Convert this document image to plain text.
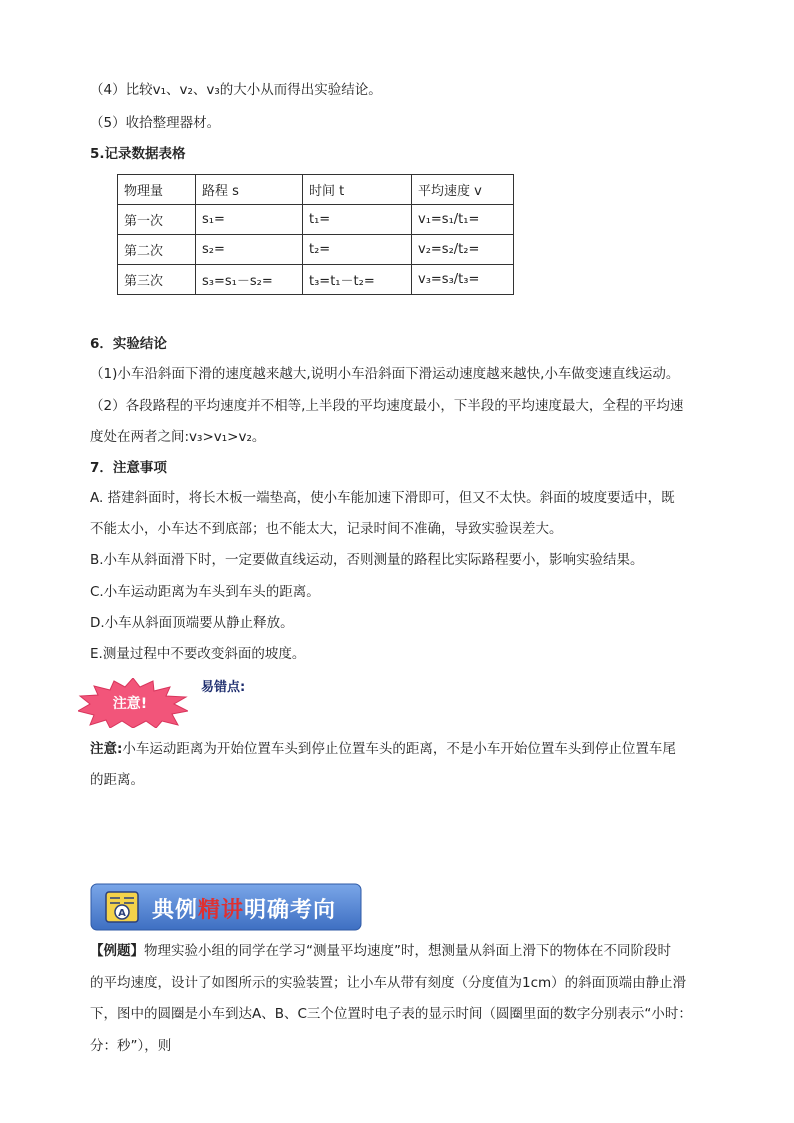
（4）比较v₁、v₂、v₃的大小从而得出实验结论。
（5）收拾整理器材。
5.记录数据表格
物理量	路程 s	时间 t	平均速度 v
第一次	s₁=	t₁=	v₁=s₁/t₁=
第二次	s₂=	t₂=	v₂=s₂/t₂=
第三次	s₃=s₁－s₂=	t₃=t₁－t₂=	v₃=s₃/t₃=
6．实验结论
（1)小车沿斜面下滑的速度越来越大,说明小车沿斜面下滑运动速度越来越快,小车做变速直线运动。
（2）各段路程的平均速度并不相等,上半段的平均速度最小，下半段的平均速度最大，全程的平均速
度处在两者之间:v₃>v₁>v₂。
7．注意事项
A. 搭建斜面时，将长木板一端垫高，使小车能加速下滑即可，但又不太快。斜面的坡度要适中，既
不能太小，小车达不到底部；也不能太大，记录时间不准确，导致实验误差大。
B.小车从斜面滑下时，一定要做直线运动，否则测量的路程比实际路程要小，影响实验结果。
C.小车运动距离为车头到车头的距离。
D.小车从斜面顶端要从静止释放。
E.测量过程中不要改变斜面的坡度。
注意!
易错点:
注意:小车运动距离为开始位置车头到停止位置车头的距离，不是小车开始位置车头到停止位置车尾
的距离。
A 典例精讲明确考向
【例题】物理实验小组的同学在学习“测量平均速度”时，想测量从斜面上滑下的物体在不同阶段时
的平均速度，设计了如图所示的实验装置；让小车从带有刻度（分度值为1cm）的斜面顶端由静止滑
下，图中的圆圈是小车到达A、B、C三个位置时电子表的显示时间（圆圈里面的数字分别表示“小时：
分：秒”），则
